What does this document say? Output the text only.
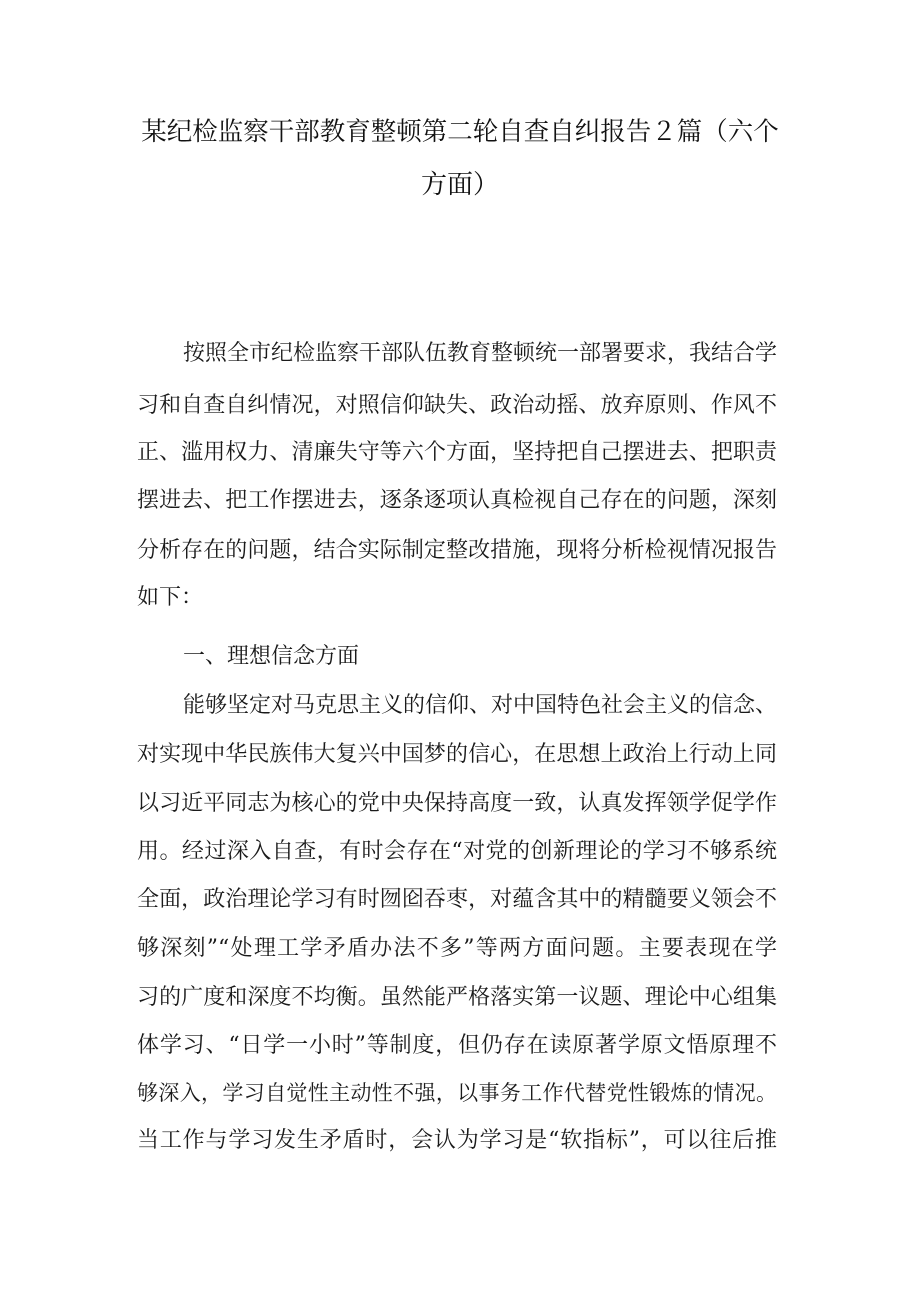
某纪检监察干部教育整顿第二轮自查自纠报告２篇（六个
方面）
按照全市纪检监察干部队伍教育整顿统一部署要求，我结合学
习和自查自纠情况，对照信仰缺失、政治动摇、放弃原则、作风不
正、滥用权力、清廉失守等六个方面，坚持把自己摆进去、把职责
摆进去、把工作摆进去，逐条逐项认真检视自己存在的问题，深刻
分析存在的问题，结合实际制定整改措施，现将分析检视情况报告
如下：
一、理想信念方面
能够坚定对马克思主义的信仰、对中国特色社会主义的信念、
对实现中华民族伟大复兴中国梦的信心，在思想上政治上行动上同
以习近平同志为核心的党中央保持高度一致，认真发挥领学促学作
用。经过深入自查，有时会存在“对党的创新理论的学习不够系统
全面，政治理论学习有时囫囵吞枣，对蕴含其中的精髓要义领会不
够深刻”“处理工学矛盾办法不多”等两方面问题。主要表现在学
习的广度和深度不均衡。虽然能严格落实第一议题、理论中心组集
体学习、“日学一小时”等制度，但仍存在读原著学原文悟原理不
够深入，学习自觉性主动性不强，以事务工作代替党性锻炼的情况。
当工作与学习发生矛盾时，会认为学习是“软指标”，可以往后推
